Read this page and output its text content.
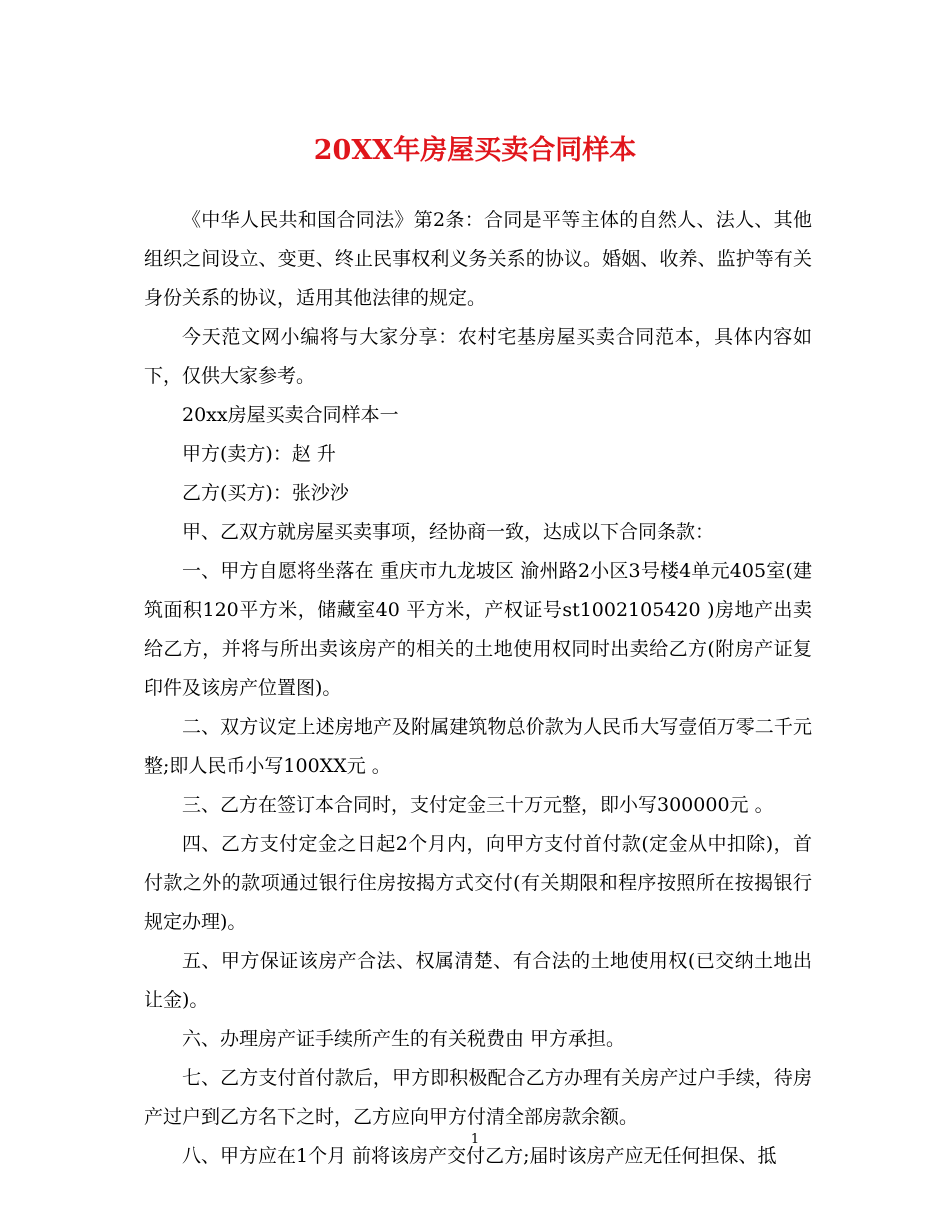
20XX年房屋买卖合同样本

《中华人民共和国合同法》第2条：合同是平等主体的自然人、法人、其他组织之间设立、变更、终止民事权利义务关系的协议。婚姻、收养、监护等有关身份关系的协议，适用其他法律的规定。

今天范文网小编将与大家分享：农村宅基房屋买卖合同范本，具体内容如下，仅供大家参考。

20xx房屋买卖合同样本一

甲方(卖方)：赵 升

乙方(买方)：张沙沙

甲、乙双方就房屋买卖事项，经协商一致，达成以下合同条款：

一、甲方自愿将坐落在 重庆市九龙坡区 渝州路2小区3号楼4单元405室(建筑面积120平方米，储藏室40 平方米，产权证号st1002105420 )房地产出卖给乙方，并将与所出卖该房产的相关的土地使用权同时出卖给乙方(附房产证复印件及该房产位置图)。

二、双方议定上述房地产及附属建筑物总价款为人民币大写壹佰万零二千元整;即人民币小写100XX元 。

三、乙方在签订本合同时，支付定金三十万元整，即小写300000元 。

四、乙方支付定金之日起2个月内，向甲方支付首付款(定金从中扣除)，首付款之外的款项通过银行住房按揭方式交付(有关期限和程序按照所在按揭银行规定办理)。

五、甲方保证该房产合法、权属清楚、有合法的土地使用权(已交纳土地出让金)。

六、办理房产证手续所产生的有关税费由 甲方承担。

七、乙方支付首付款后，甲方即积极配合乙方办理有关房产过户手续，待房产过户到乙方名下之时，乙方应向甲方付清全部房款余额。

八、甲方应在1个月 前将该房产交付乙方;届时该房产应无任何担保、抵

1
